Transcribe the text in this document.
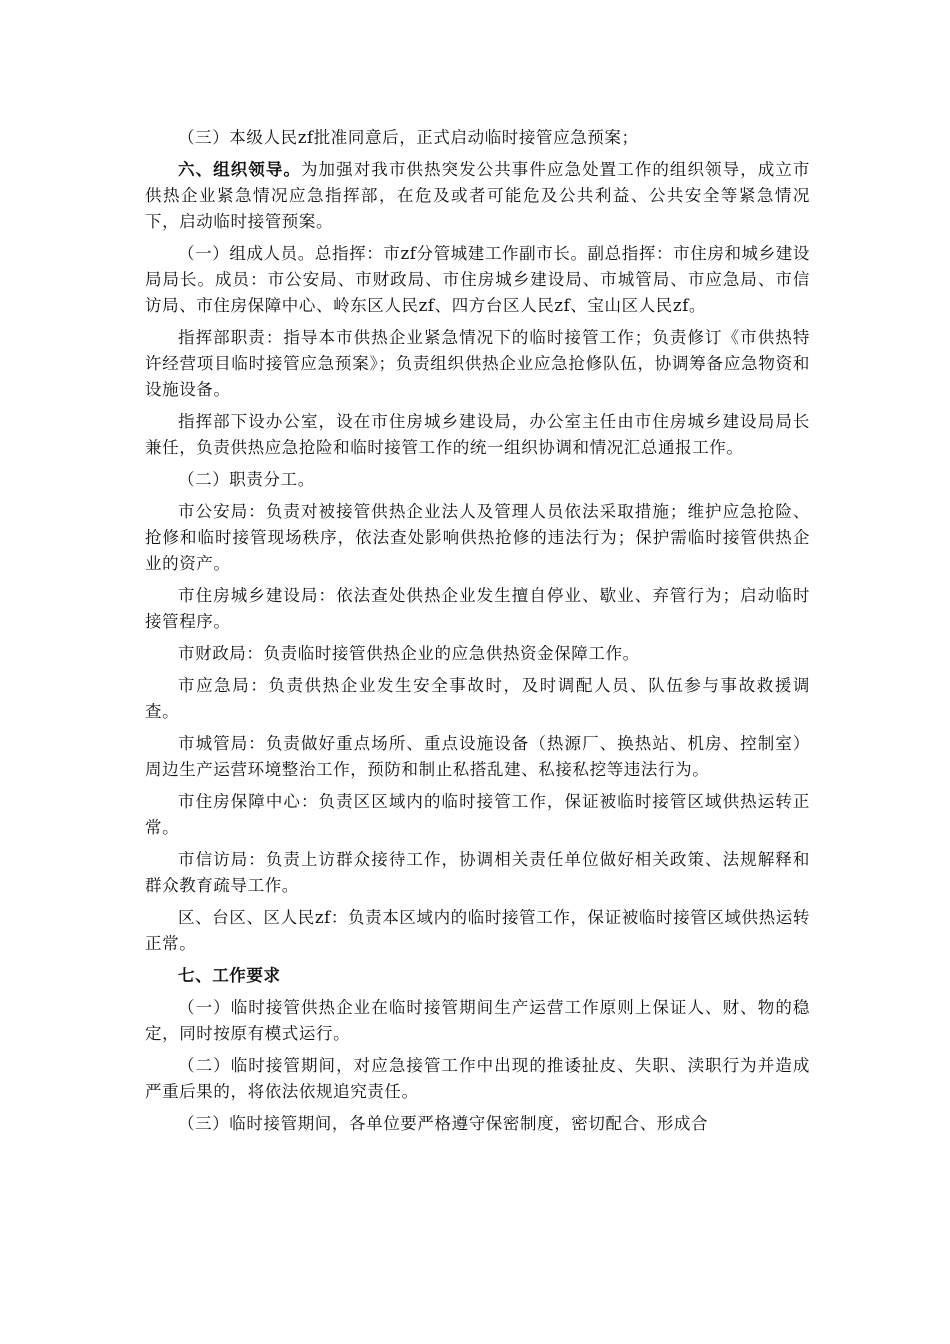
（三）本级人民zf批准同意后，正式启动临时接管应急预案；

六、组织领导。为加强对我市供热突发公共事件应急处置工作的组织领导，成立市供热企业紧急情况应急指挥部，在危及或者可能危及公共利益、公共安全等紧急情况下，启动临时接管预案。

（一）组成人员。总指挥：市zf分管城建工作副市长。副总指挥：市住房和城乡建设局局长。成员：市公安局、市财政局、市住房城乡建设局、市城管局、市应急局、市信访局、市住房保障中心、岭东区人民zf、四方台区人民zf、宝山区人民zf。

指挥部职责：指导本市供热企业紧急情况下的临时接管工作；负责修订《市供热特许经营项目临时接管应急预案》；负责组织供热企业应急抢修队伍，协调筹备应急物资和设施设备。

指挥部下设办公室，设在市住房城乡建设局，办公室主任由市住房城乡建设局局长兼任，负责供热应急抢险和临时接管工作的统一组织协调和情况汇总通报工作。

（二）职责分工。

市公安局：负责对被接管供热企业法人及管理人员依法采取措施；维护应急抢险、抢修和临时接管现场秩序，依法查处影响供热抢修的违法行为；保护需临时接管供热企业的资产。

市住房城乡建设局：依法查处供热企业发生擅自停业、歇业、弃管行为；启动临时接管程序。

市财政局：负责临时接管供热企业的应急供热资金保障工作。

市应急局：负责供热企业发生安全事故时，及时调配人员、队伍参与事故救援调查。

市城管局：负责做好重点场所、重点设施设备（热源厂、换热站、机房、控制室）周边生产运营环境整治工作，预防和制止私搭乱建、私接私挖等违法行为。

市住房保障中心：负责区区域内的临时接管工作，保证被临时接管区域供热运转正常。

市信访局：负责上访群众接待工作，协调相关责任单位做好相关政策、法规解释和群众教育疏导工作。

区、台区、区人民zf：负责本区域内的临时接管工作，保证被临时接管区域供热运转正常。

七、工作要求

（一）临时接管供热企业在临时接管期间生产运营工作原则上保证人、财、物的稳定，同时按原有模式运行。

（二）临时接管期间，对应急接管工作中出现的推诿扯皮、失职、渎职行为并造成严重后果的，将依法依规追究责任。

（三）临时接管期间，各单位要严格遵守保密制度，密切配合、形成合
